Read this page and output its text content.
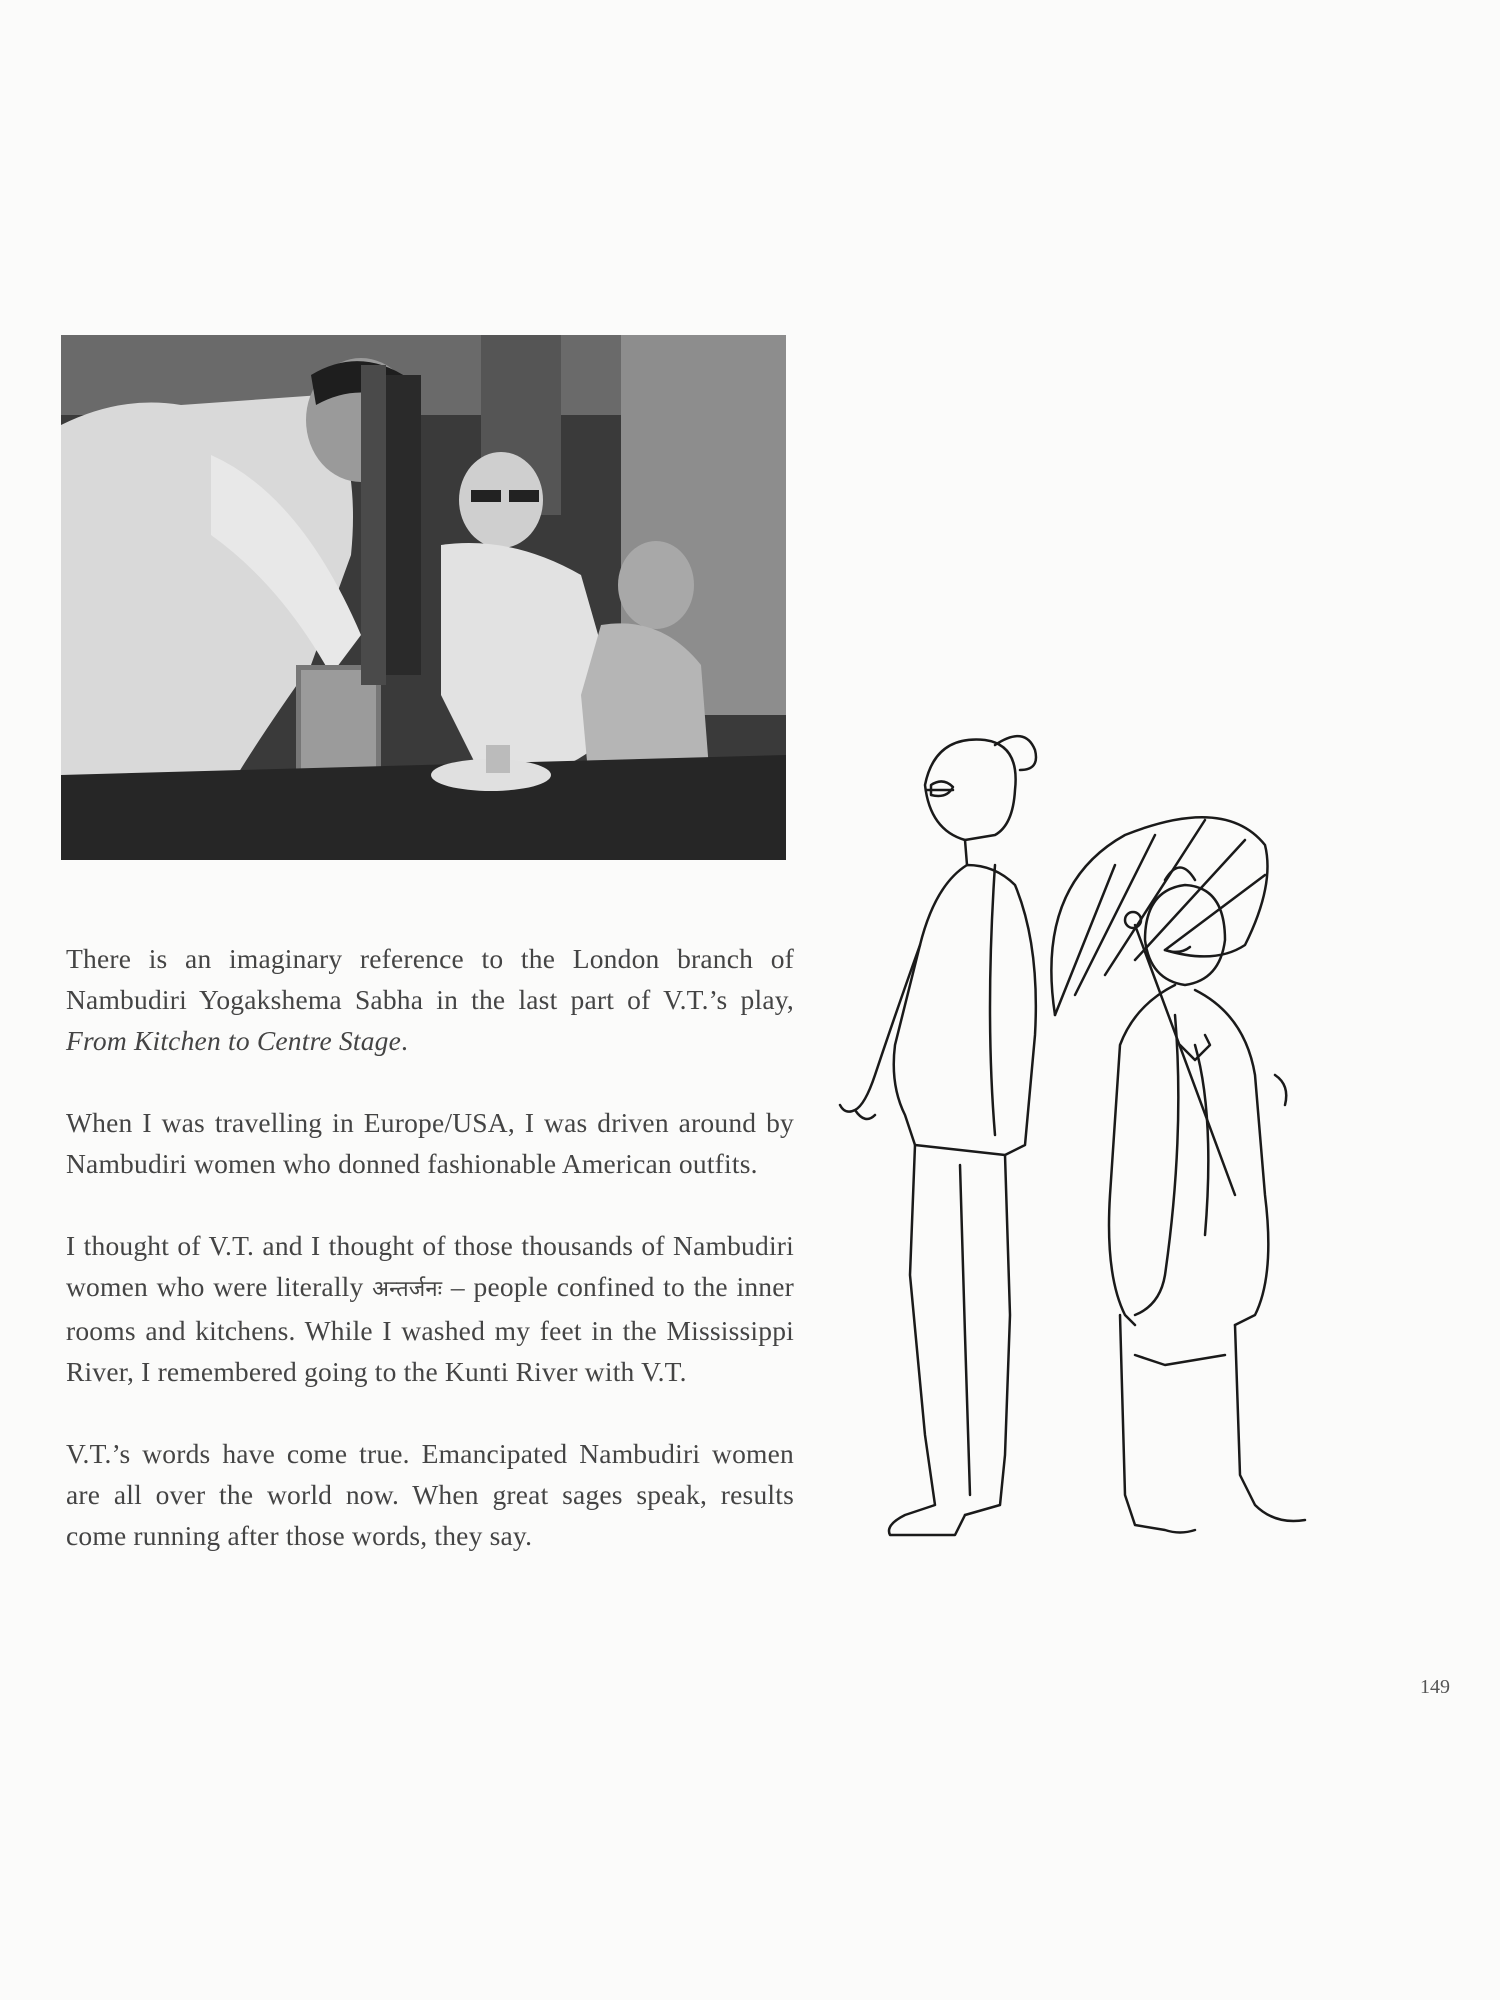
There is an imaginary reference to the London branch of Nambudiri Yogakshema Sabha in the last part of V.T.’s play, From Kitchen to Centre Stage.

When I was travelling in Europe/USA, I was driven around by Nambudiri women who donned fashionable American outfits.

I thought of V.T. and I thought of those thousands of Nambudiri women who were literally अन्तर्जनः – people confined to the inner rooms and kitchens. While I washed my feet in the Mississippi River, I remembered going to the Kunti River with V.T.

V.T.’s words have come true. Emancipated Nambudiri women are all over the world now. When great sages speak, results come running after those words, they say.

149
